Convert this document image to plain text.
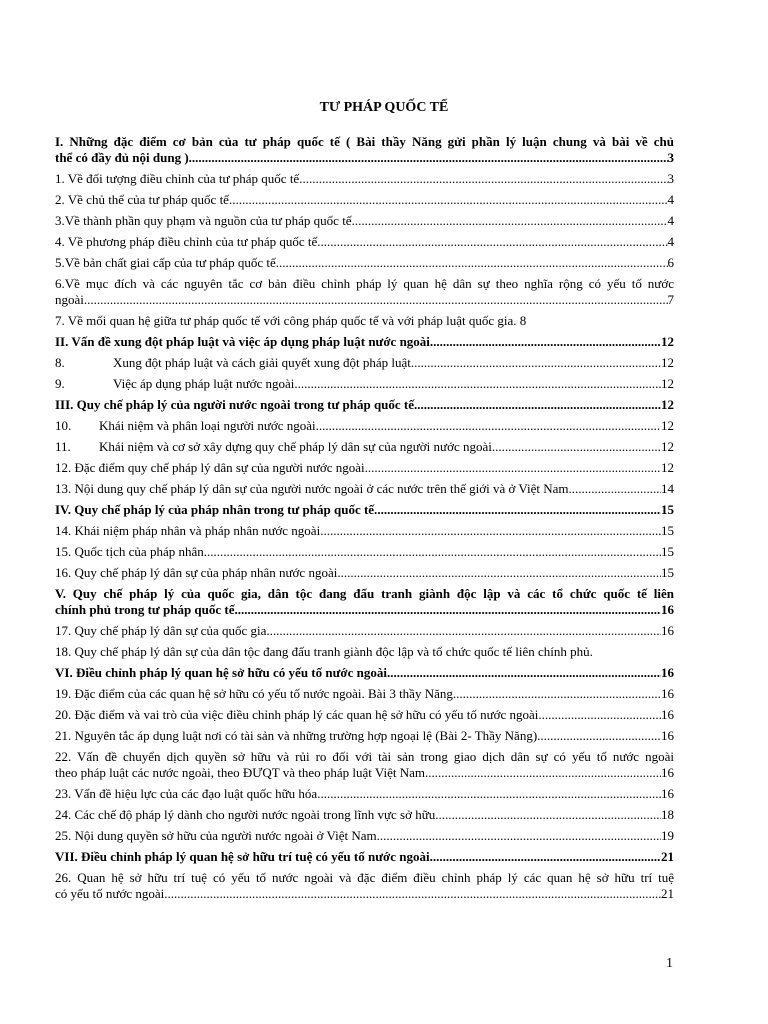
TƯ PHÁP QUỐC TẾ
I. Những đặc điểm cơ bản của tư pháp quốc tế ( Bài thầy Năng gửi phần lý luận chung và bài về chủ
thể có đầy đủ nội dung ) .....	3
1. Về đối tượng điều chỉnh của tư pháp quốc tế .....	3
2. Về chủ thể của tư pháp quốc tế .....	4
3.Về thành phần quy phạm và nguồn của tư pháp quốc tế .....	4
4. Về phương pháp điều chỉnh của tư pháp quốc tế .....	4
5.Về bản chất giai cấp của tư pháp quốc tế .....	6
6.Về mục đích và các nguyên tắc cơ bản điều chỉnh pháp lý quan hệ dân sự theo nghĩa rộng có yếu tố nước
ngoài .....	7
7. Về mối quan hệ giữa tư pháp quốc tế với công pháp quốc tế và với pháp luật quốc gia. 8
II. Vấn đề xung đột pháp luật và việc áp dụng pháp luật nước ngoài. .....	12
8.	Xung đột pháp luật và cách giải quyết xung đột pháp luật .....	12
9.	Việc áp dụng pháp luật nước ngoài .....	12
III. Quy chế pháp lý của người nước ngoài trong tư pháp quốc tế. .....	12
10. Khái niệm và phân loại người nước ngoài .....	12
11. Khái niệm và cơ sở xây dựng quy chế pháp lý dân sự của người nước ngoài .....	12
12. Đặc điểm quy chế pháp lý dân sự của người nước ngoài .....	12
13. Nội dung quy chế pháp lý dân sự của người nước ngoài ở các nước trên thế giới và ở Việt Nam .....	14
IV. Quy chế pháp lý của pháp nhân trong tư pháp quốc tế. .....	15
14. Khái niệm pháp nhân và pháp nhân nước ngoài .....	15
15. Quốc tịch của pháp nhân .....	15
16. Quy chế pháp lý dân sự của pháp nhân nước ngoài .....	15
V. Quy chế pháp lý của quốc gia, dân tộc đang đấu tranh giành độc lập và các tổ chức quốc tế liên
chính phủ trong tư pháp quốc tế. .....	16
17. Quy chế pháp lý dân sự của quốc gia. .....	16
18. Quy chế pháp lý dân sự của dân tộc đang đấu tranh giành độc lập và tổ chức quốc tế liên chính phủ.
VI. Điều chỉnh pháp lý quan hệ sở hữu có yếu tố nước ngoài. .....	16
19. Đặc điểm của các quan hệ sở hữu có yếu tố nước ngoài. Bài 3 thầy Năng .....	16
20. Đặc điểm và vai trò của việc điều chỉnh pháp lý các quan hệ sở hữu có yếu tố nước ngoài. .....	16
21. Nguyên tắc áp dụng luật nơi có tài sản và những trường hợp ngoại lệ (Bài 2- Thầy Năng) .....	16
22. Vấn đề chuyển dịch quyền sở hữu và rủi ro đối với tài sản trong giao dịch dân sự có yếu tố nước ngoài
theo pháp luật các nước ngoài, theo ĐƯQT và theo pháp luật Việt Nam. .....	16
23. Vấn đề hiệu lực của các đạo luật quốc hữu hóa. .....	16
24. Các chế độ pháp lý dành cho người nước ngoài trong lĩnh vực sở hữu .....	18
25. Nội dung quyền sở hữu của người nước ngoài ở Việt Nam .....	19
VII. Điều chỉnh pháp lý quan hệ sở hữu trí tuệ có yếu tố nước ngoài. .....	21
26. Quan hệ sở hữu trí tuệ có yếu tố nước ngoài và đặc điểm điều chỉnh pháp lý các quan hệ sở hữu trí tuệ
có yếu tố nước ngoài .....	21
1
